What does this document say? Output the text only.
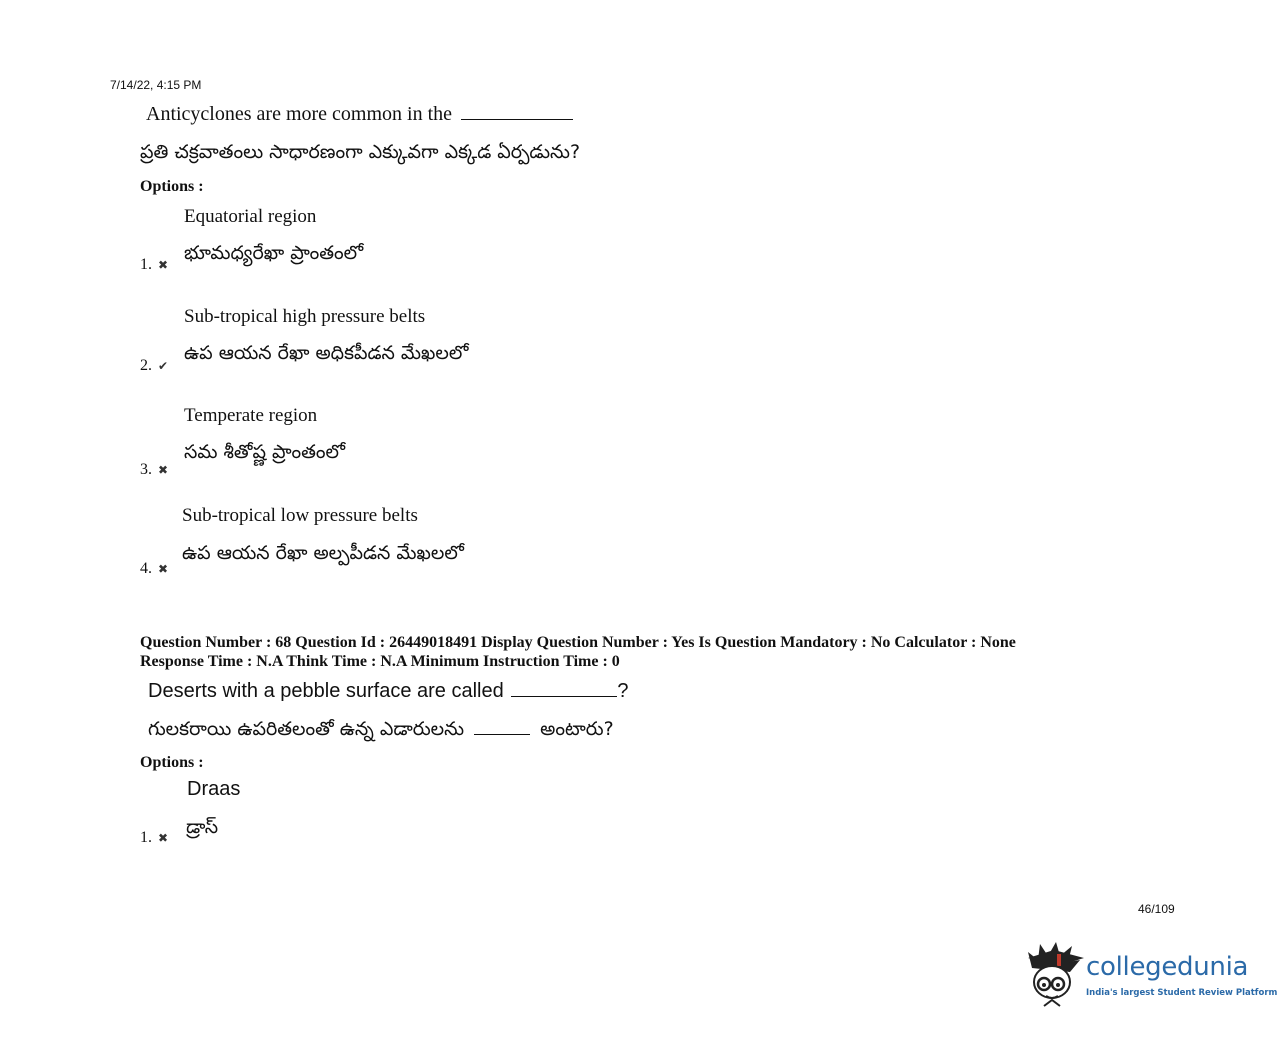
7/14/22, 4:15 PM
Anticyclones are more common in the
ప్రతి చక్రవాతంలు సాధారణంగా ఎక్కువగా ఎక్కడ ఏర్పడును?
Options :
Equatorial region
భూమధ్యరేఖా ప్రాంతంలో
1. ✖
Sub-tropical high pressure belts
ఉప ఆయన రేఖా అధికపీడన మేఖలలో
2. ✔
Temperate region
సమ శీతోష్ణ ప్రాంతంలో
3. ✖
Sub-tropical low pressure belts
ఉప ఆయన రేఖా అల్పపీడన మేఖలలో
4. ✖
Question Number : 68 Question Id : 26449018491 Display Question Number : Yes Is Question Mandatory : No Calculator : None
Response Time : N.A Think Time : N.A Minimum Instruction Time : 0
Deserts with a pebble surface are called	?
గులకరాయి ఉపరితలంతో ఉన్న ఎడారులను	అంటారు?
Options :
Draas
డ్రాస్
1. ✖
46/109
collegedunia
India's largest Student Review Platform
